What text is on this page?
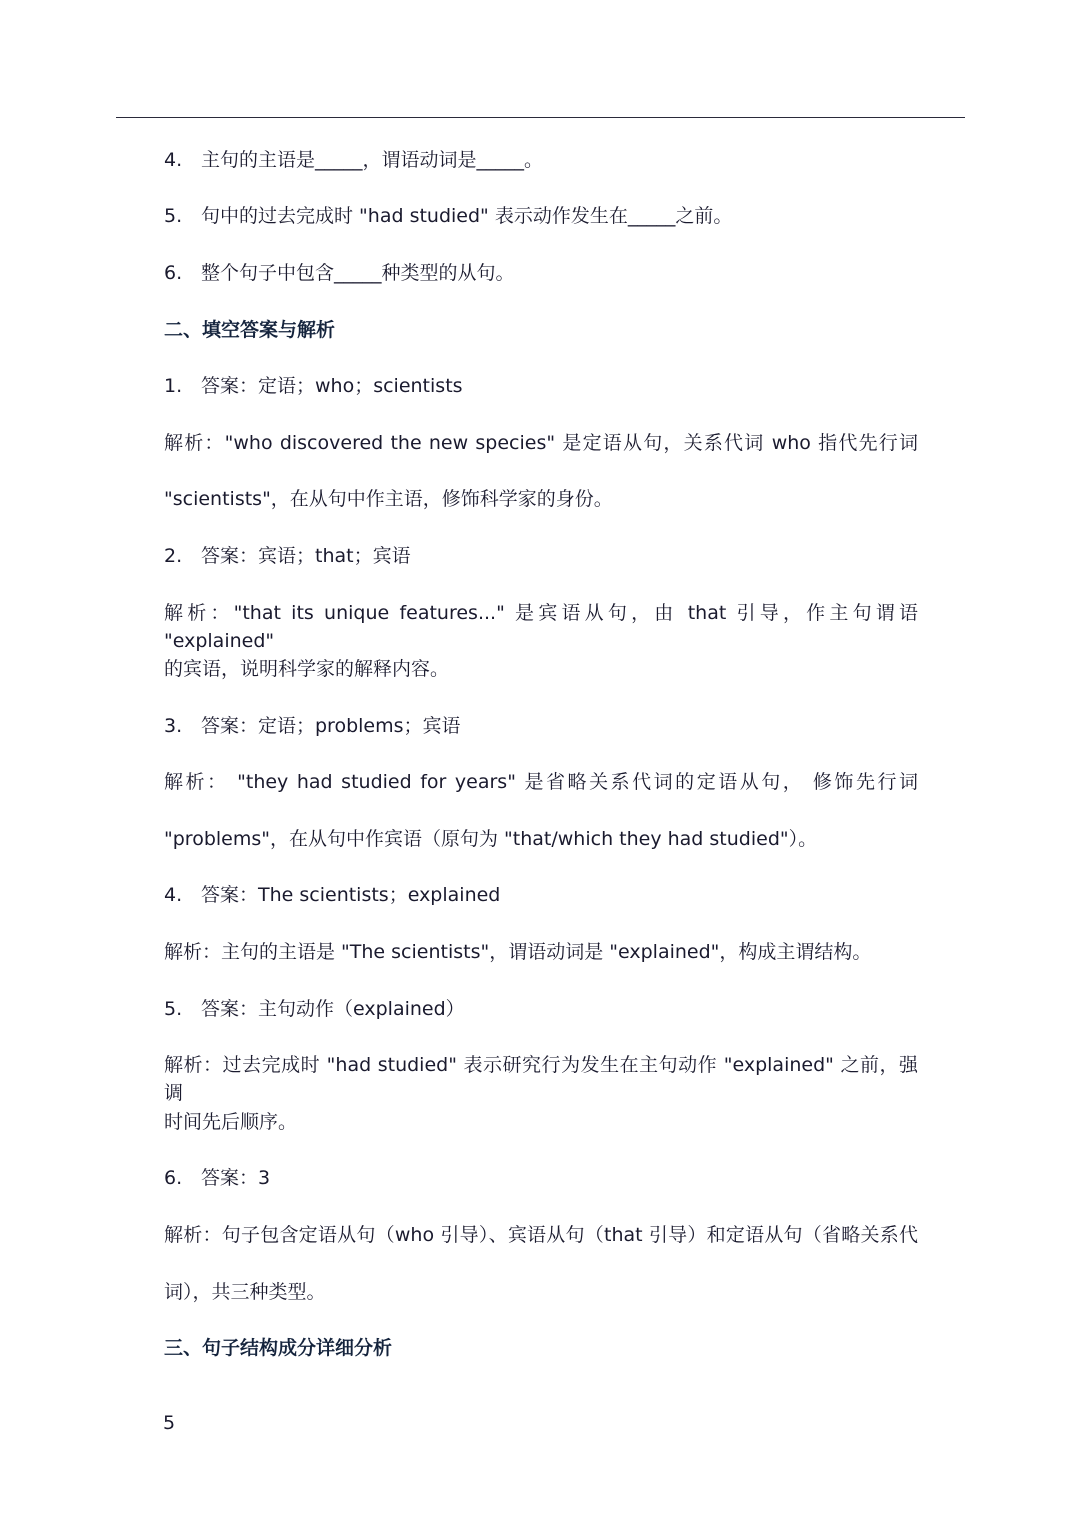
4. 主句的主语是_____，谓语动词是_____。
5. 句中的过去完成时 "had studied" 表示动作发生在_____之前。
6. 整个句子中包含_____种类型的从句。
二、填空答案与解析
1. 答案：定语；who；scientists
解析："who discovered the new species" 是定语从句，关系代词 who 指代先行词
"scientists"，在从句中作主语，修饰科学家的身份。
2. 答案：宾语；that；宾语
解析："that its unique features..." 是宾语从句，由 that 引导，作主句谓语 "explained"
的宾语，说明科学家的解释内容。
3. 答案：定语；problems；宾语
解析： "they had studied for years" 是省略关系代词的定语从句， 修饰先行词
"problems"，在从句中作宾语（原句为 "that/which they had studied"）。
4. 答案：The scientists；explained
解析：主句的主语是 "The scientists"，谓语动词是 "explained"，构成主谓结构。
5. 答案：主句动作（explained）
解析：过去完成时 "had studied" 表示研究行为发生在主句动作 "explained" 之前，强调
时间先后顺序。
6. 答案：3
解析：句子包含定语从句（who 引导）、宾语从句（that 引导）和定语从句（省略关系代
词），共三种类型。
三、句子结构成分详细分析
5
